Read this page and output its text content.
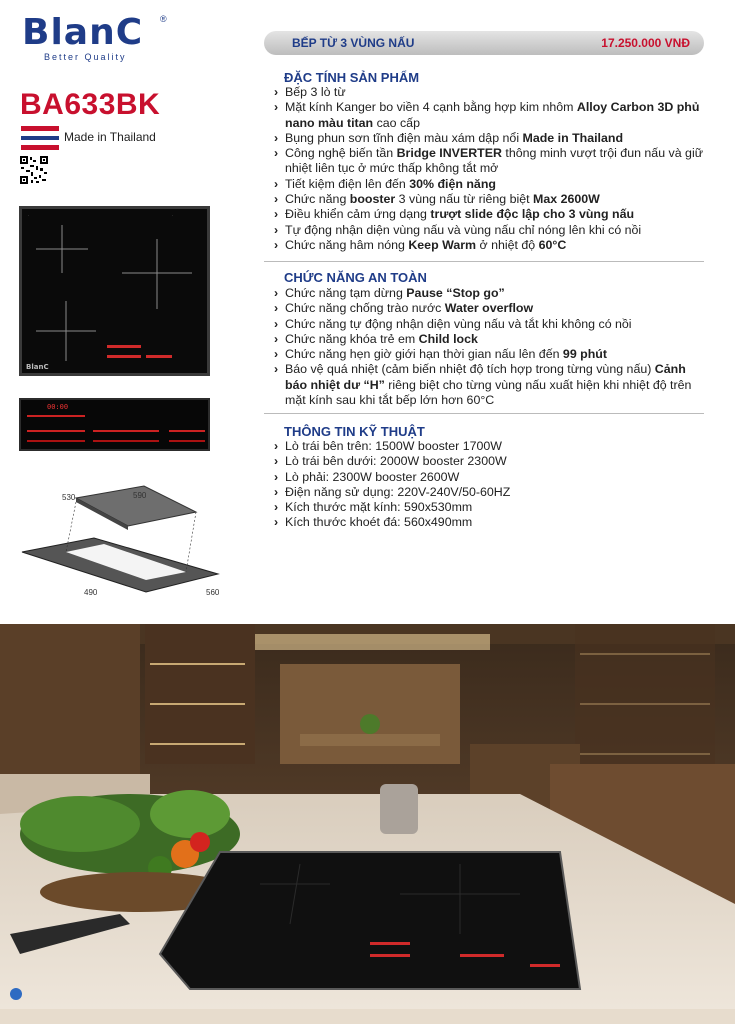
BlanC	®
Better Quality
BA633BK
Made in Thailand
·	·
BlanC
00:00
530	590
490	560
BẾP TỪ 3 VÙNG NẤU	17.250.000 VNĐ
ĐẶC TÍNH SẢN PHẨM
› Bếp 3 lò từ
› Mặt kính Kanger bo viền 4 cạnh bằng hợp kim nhôm Alloy Carbon 3D phủ nano màu titan cao cấp
› Bụng phun sơn tĩnh điện màu xám dập nổi Made in Thailand
› Công nghệ biến tần Bridge INVERTER thông minh vượt trội đun nấu và giữ nhiệt liên tục ở mức thấp không tắt mở
› Tiết kiệm điện lên đến 30% điện năng
› Chức năng booster 3 vùng nấu từ riêng biệt Max 2600W
› Điều khiển cảm ứng dạng trượt slide độc lập cho 3 vùng nấu
› Tự động nhận diện vùng nấu và vùng nấu chỉ nóng lên khi có nồi
› Chức năng hâm nóng Keep Warm ở nhiệt độ 60°C
CHỨC NĂNG AN TOÀN
› Chức năng tạm dừng Pause “Stop go”
› Chức năng chống trào nước Water overflow
› Chức năng tự động nhận diện vùng nấu và tắt khi không có nồi
› Chức năng khóa trẻ em Child lock
› Chức năng hẹn giờ giới hạn thời gian nấu lên đến 99 phút
› Báo vệ quá nhiệt (cảm biến nhiệt độ tích hợp trong từng vùng nấu) Cảnh báo nhiệt dư “H” riêng biệt cho từng vùng nấu xuất hiện khi nhiệt độ trên mặt kính sau khi tắt bếp lớn hơn 60°C
THÔNG TIN KỸ THUẬT
› Lò trái bên trên: 1500W booster 1700W
› Lò trái bên dưới: 2000W booster 2300W
› Lò phải: 2300W booster 2600W
› Điện năng sử dụng: 220V-240V/50-60HZ
› Kích thước mặt kính: 590x530mm
› Kích thước khoét đá: 560x490mm
